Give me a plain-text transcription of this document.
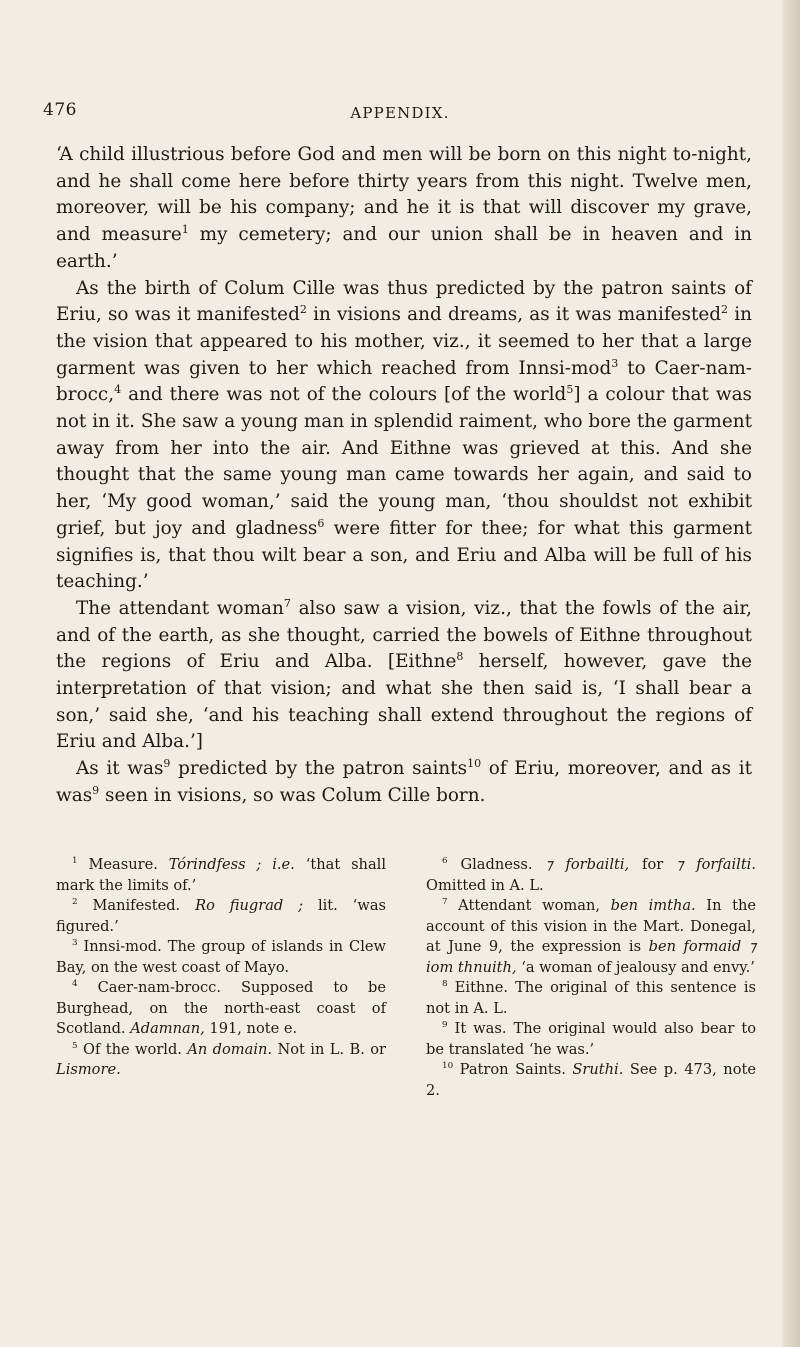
476	APPENDIX.

‘A child illustrious before God and men will be born on this night to-night, and he shall come here before thirty years from this night. Twelve men, moreover, will be his company; and he it is that will discover my grave, and measure$^1$ my cemetery; and our union shall be in heaven and in earth.’

As the birth of Colum Cille was thus predicted by the patron saints of Eriu, so was it manifested$^2$ in visions and dreams, as it was manifested$^2$ in the vision that appeared to his mother, viz., it seemed to her that a large garment was given to her which reached from Innsi-mod$^3$ to Caer-nam-brocc,$^4$ and there was not of the colours [of the world$^5$] a colour that was not in it. She saw a young man in splendid raiment, who bore the garment away from her into the air. And Eithne was grieved at this. And she thought that the same young man came towards her again, and said to her, ‘My good woman,’ said the young man, ‘thou shouldst not exhibit grief, but joy and gladness$^6$ were fitter for thee; for what this garment signifies is, that thou wilt bear a son, and Eriu and Alba will be full of his teaching.’

The attendant woman$^7$ also saw a vision, viz., that the fowls of the air, and of the earth, as she thought, carried the bowels of Eithne throughout the regions of Eriu and Alba. [Eithne$^8$ herself, however, gave the interpretation of that vision; and what she then said is, ‘I shall bear a son,’ said she, ‘and his teaching shall extend throughout the regions of Eriu and Alba.’]

As it was$^9$ predicted by the patron saints$^{10}$ of Eriu, moreover, and as it was$^9$ seen in visions, so was Colum Cille born.

$^1$ Measure. Tórindfess ; i.e. ‘that shall mark the limits of.’

$^2$ Manifested. Ro fiugrad ; lit. ‘was figured.’

$^3$ Innsi-mod. The group of islands in Clew Bay, on the west coast of Mayo.

$^4$ Caer-nam-brocc. Supposed to be Burghead, on the north-east coast of Scotland. Adamnan, 191, note e.

$^5$ Of the world. An domain. Not in L. B. or Lismore.

$^6$ Gladness. ⁊ forbailti, for ⁊ forfailti. Omitted in A. L.

$^7$ Attendant woman, ben imtha. In the account of this vision in the Mart. Donegal, at June 9, the expression is ben formaid ⁊ iom thnuith, ‘a woman of jealousy and envy.’

$^8$ Eithne. The original of this sentence is not in A. L.

$^9$ It was. The original would also bear to be translated ‘he was.’

$^{10}$ Patron Saints. Sruthi. See p. 473, note 2.
